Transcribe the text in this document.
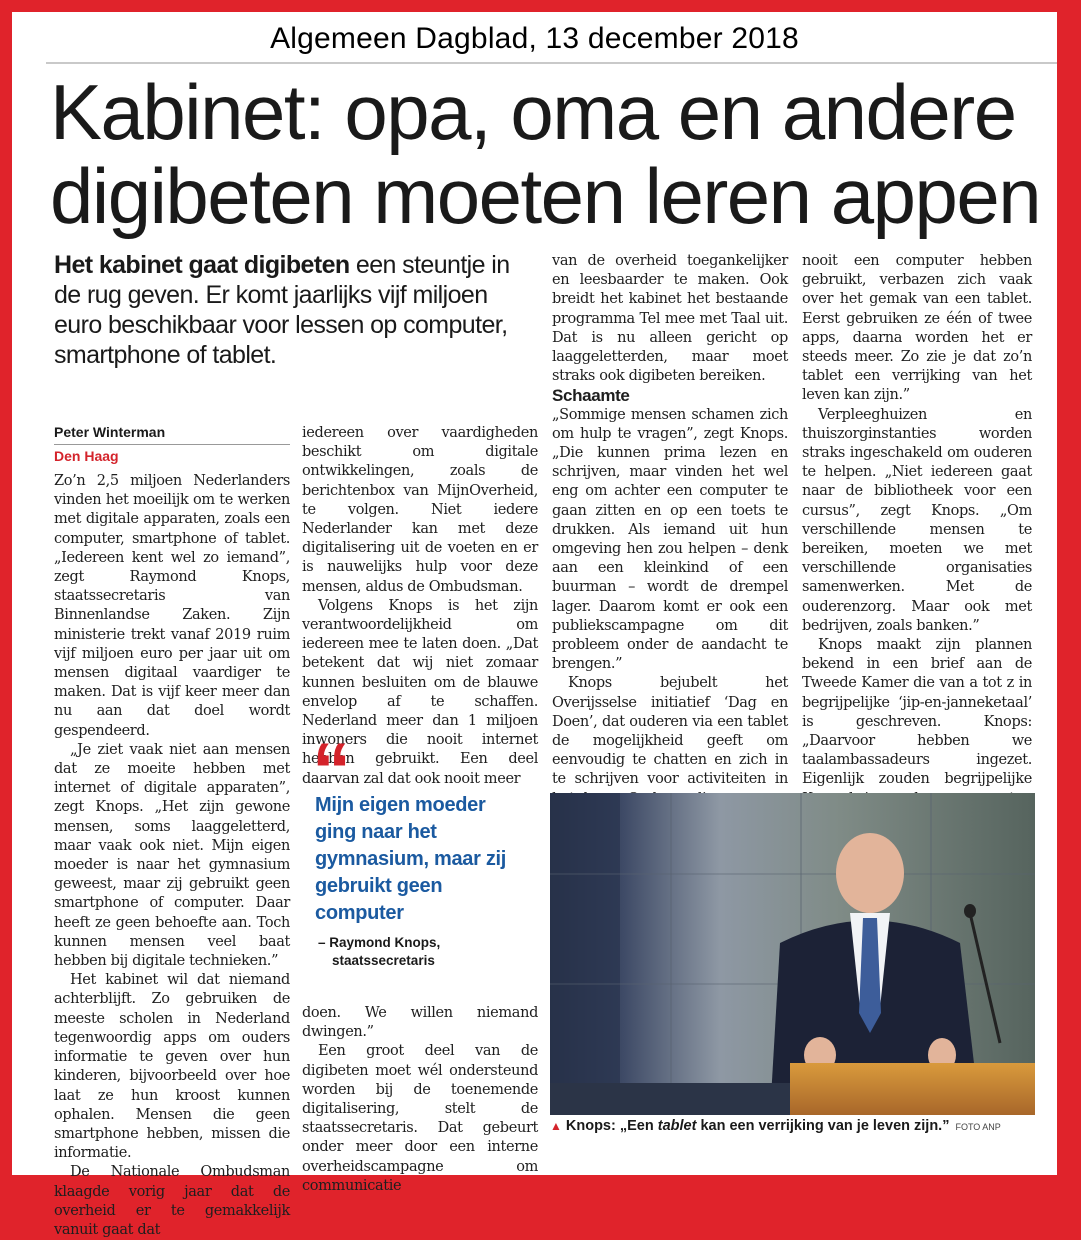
Algemeen Dagblad, 13 december 2018
Kabinet: opa, oma en andere
digibeten moeten leren appen
Het kabinet gaat digibeten een steuntje in de rug geven. Er komt jaarlijks vijf miljoen euro beschikbaar voor lessen op computer, smartphone of tablet.
Peter Winterman
Den Haag

Zo’n 2,5 miljoen Nederlanders vinden het moeilijk om te werken met digitale apparaten, zoals een computer, smartphone of tablet. „Iedereen kent wel zo iemand”, zegt Raymond Knops, staatssecretaris van Binnenlandse Zaken. Zijn ministerie trekt vanaf 2019 ruim vijf miljoen euro per jaar uit om mensen digitaal vaardiger te maken. Dat is vijf keer meer dan nu aan dat doel wordt gespendeerd.

„Je ziet vaak niet aan mensen dat ze moeite hebben met internet of digitale apparaten”, zegt Knops. „Het zijn gewone mensen, soms laaggeletterd, maar vaak ook niet. Mijn eigen moeder is naar het gymnasium geweest, maar zij gebruikt geen smartphone of computer. Daar heeft ze geen behoefte aan. Toch kunnen mensen veel baat hebben bij digitale technieken.”

Het kabinet wil dat niemand achterblijft. Zo gebruiken de meeste scholen in Nederland tegenwoordig apps om ouders informatie te geven over hun kinderen, bijvoorbeeld over hoe laat ze hun kroost kunnen ophalen. Mensen die geen smartphone hebben, missen die informatie.

De Nationale Ombudsman klaagde vorig jaar dat de overheid er te gemakkelijk vanuit gaat dat

iedereen over vaardigheden beschikt om digitale ontwikkelingen, zoals de berichtenbox van MijnOverheid, te volgen. Niet iedere Nederlander kan met deze digitalisering uit de voeten en er is nauwelijks hulp voor deze mensen, aldus de Ombudsman.

Volgens Knops is het zijn verantwoordelijkheid om iedereen mee te laten doen. „Dat betekent dat wij niet zomaar kunnen besluiten om de blauwe envelop af te schaffen. Nederland meer dan 1 miljoen inwoners die nooit internet hebben gebruikt. Een deel daarvan zal dat ook nooit meer

“
Mijn eigen moeder ging naar het gymnasium, maar zij gebruikt geen computer
– Raymond Knops,
staatssecretaris

doen. We willen niemand dwingen.”

Een groot deel van de digibeten moet wél ondersteund worden bij de toenemende digitalisering, stelt de staatssecretaris. Dat gebeurt onder meer door een interne overheidscampagne om communicatie

van de overheid toegankelijker en leesbaarder te maken. Ook breidt het kabinet het bestaande programma Tel mee met Taal uit. Dat is nu alleen gericht op laaggeletterden, maar moet straks ook digibeten bereiken.

Schaamte

„Sommige mensen schamen zich om hulp te vragen”, zegt Knops. „Die kunnen prima lezen en schrijven, maar vinden het wel eng om achter een computer te gaan zitten en op een toets te drukken. Als iemand uit hun omgeving hen zou helpen – denk aan een kleinkind of een buurman – wordt de drempel lager. Daarom komt er ook een publiekscampagne om dit probleem onder de aandacht te brengen.”

Knops bejubelt het Overijsselse initiatief ‘Dag en Doen’, dat ouderen via een tablet de mogelijkheid geeft om eenvoudig te chatten en zich in te schrijven voor activiteiten in

nooit een computer hebben gebruikt, verbazen zich vaak over het gemak van een tablet. Eerst gebruiken ze één of twee apps, daarna worden het er steeds meer. Zo zie je dat zo’n tablet een verrijking van het leven kan zijn.”

Verpleeghuizen en thuiszorginstanties worden straks ingeschakeld om ouderen te helpen. „Niet iedereen gaat naar de bibliotheek voor een cursus”, zegt Knops. „Om verschillende mensen te bereiken, moeten we met verschillende organisaties samenwerken. Met de ouderenzorg. Maar ook met bedrijven, zoals banken.”

Knops maakt zijn plannen bekend in een brief aan de Tweede Kamer die van a tot z in begrijpelijke ‘jip-en-janneketaal’ is geschreven. Knops: „Daarvoor hebben we taalambassadeurs ingezet. Eigenlijk zouden begrijpelijke

▲ Knops: „Een tablet kan een verrijking van je leven zijn.” FOTO ANP
